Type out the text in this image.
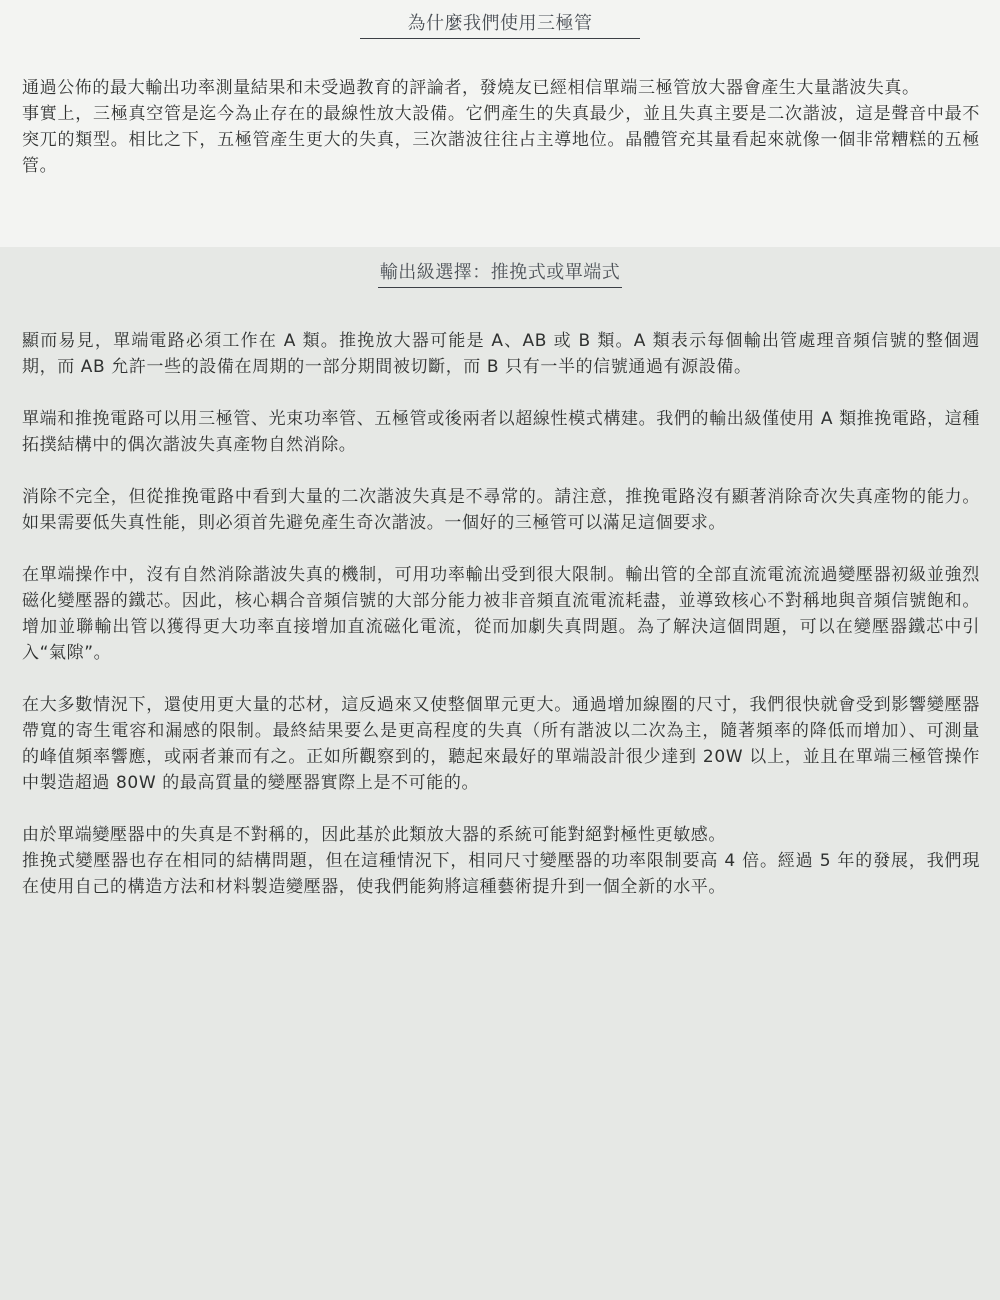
為什麼我們使用三極管

通過公佈的最大輸出功率測量結果和未受過教育的評論者，發燒友已經相信單端三極管放大器會產生大量諧波失真。

事實上，三極真空管是迄今為止存在的最線性放大設備。它們產生的失真最少，並且失真主要是二次諧波，這是聲音中最不突兀的類型。相比之下，五極管產生更大的失真，三次諧波往往占主導地位。晶體管充其量看起來就像一個非常糟糕的五極管。

輸出級選擇：推挽式或單端式

顯而易見，單端電路必須工作在 A 類。推挽放大器可能是 A、AB 或 B 類。A 類表示每個輸出管處理音頻信號的整個週期，而 AB 允許一些的設備在周期的一部分期間被切斷，而 B 只有一半的信號通過有源設備。

單端和推挽電路可以用三極管、光束功率管、五極管或後兩者以超線性模式構建。我們的輸出級僅使用 A 類推挽電路，這種拓撲結構中的偶次諧波失真產物自然消除。

消除不完全，但從推挽電路中看到大量的二次諧波失真是不尋常的。請注意，推挽電路沒有顯著消除奇次失真產物的能力。如果需要低失真性能，則必須首先避免產生奇次諧波。一個好的三極管可以滿足這個要求。

在單端操作中，沒有自然消除諧波失真的機制，可用功率輸出受到很大限制。輸出管的全部直流電流流過變壓器初級並強烈磁化變壓器的鐵芯。因此，核心耦合音頻信號的大部分能力被非音頻直流電流耗盡，並導致核心不對稱地與音頻信號飽和。增加並聯輸出管以獲得更大功率直接增加直流磁化電流，從而加劇失真問題。為了解決這個問題，可以在變壓器鐵芯中引入“氣隙”。

在大多數情況下，還使用更大量的芯材，這反過來又使整個單元更大。通過增加線圈的尺寸，我們很快就會受到影響變壓器帶寬的寄生電容和漏感的限制。最終結果要么是更高程度的失真（所有諧波以二次為主，隨著頻率的降低而增加）、可測量的峰值頻率響應，或兩者兼而有之。正如所觀察到的，聽起來最好的單端設計很少達到 20W 以上，並且在單端三極管操作中製造超過 80W 的最高質量的變壓器實際上是不可能的。

由於單端變壓器中的失真是不對稱的，因此基於此類放大器的系統可能對絕對極性更敏感。

推挽式變壓器也存在相同的結構問題，但在這種情況下，相同尺寸變壓器的功率限制要高 4 倍。經過 5 年的發展，我們現在使用自己的構造方法和材料製造變壓器，使我們能夠將這種藝術提升到一個全新的水平。
